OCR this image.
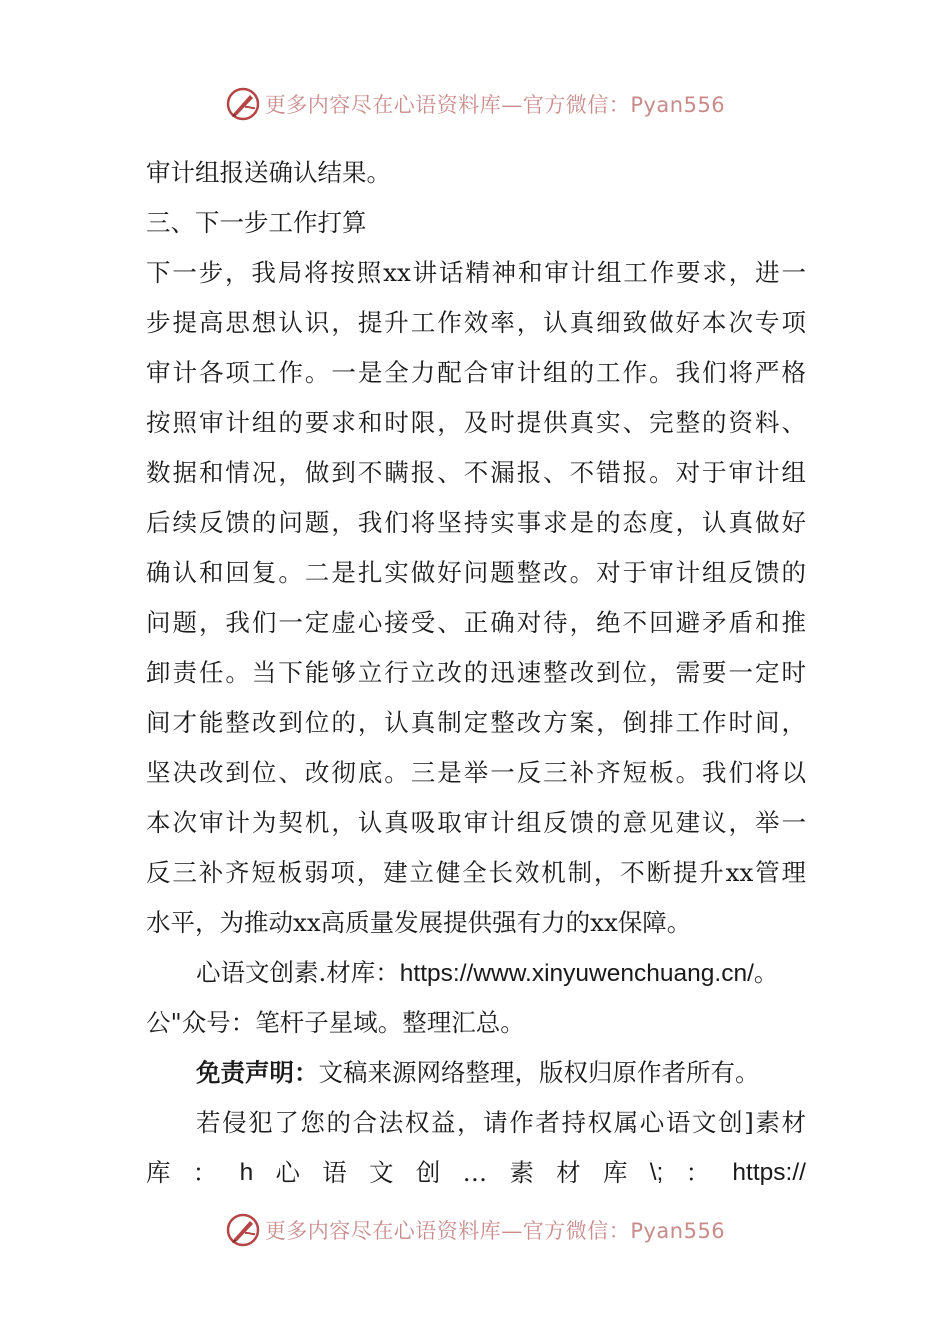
更多内容尽在心语资料库—官方微信：Pyan556
审计组报送确认结果。
三、下一步工作打算
下一步，我局将按照xx讲话精神和审计组工作要求，进一
步提高思想认识，提升工作效率，认真细致做好本次专项
审计各项工作。一是全力配合审计组的工作。我们将严格
按照审计组的要求和时限，及时提供真实、完整的资料、
数据和情况，做到不瞒报、不漏报、不错报。对于审计组
后续反馈的问题，我们将坚持实事求是的态度，认真做好
确认和回复。二是扎实做好问题整改。对于审计组反馈的
问题，我们一定虚心接受、正确对待，绝不回避矛盾和推
卸责任。当下能够立行立改的迅速整改到位，需要一定时
间才能整改到位的，认真制定整改方案，倒排工作时间，
坚决改到位、改彻底。三是举一反三补齐短板。我们将以
本次审计为契机，认真吸取审计组反馈的意见建议，举一
反三补齐短板弱项，建立健全长效机制，不断提升xx管理
水平，为推动xx高质量发展提供强有力的xx保障。
心语文创素.材库：https://www.xinyuwenchuang.cn/。
公"众号：笔杆子星域。整理汇总。
免责声明：文稿来源网络整理，版权归原作者所有。
若侵犯了您的合法权益，请作者持权属心语文创]素材
库 ： h 心 语 文 创 … 素 材 库 \; ： https://
更多内容尽在心语资料库—官方微信：Pyan556
